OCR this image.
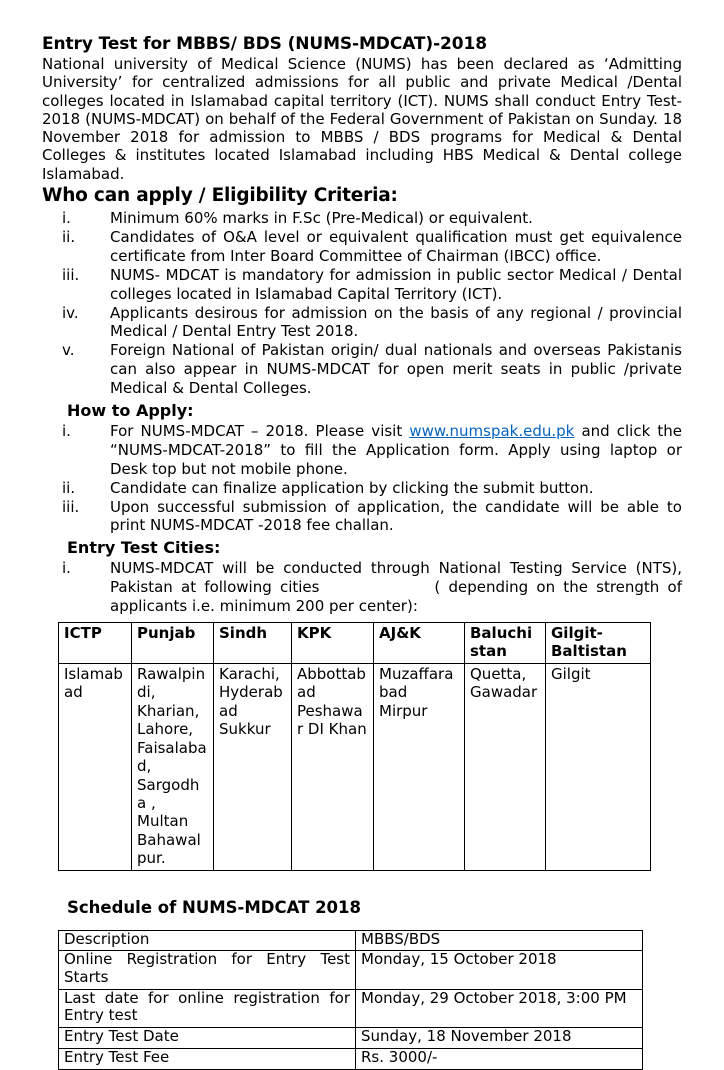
Entry Test for MBBS/ BDS (NUMS-MDCAT)-2018

National university of Medical Science (NUMS) has been declared as ‘Admitting University’ for centralized admissions for all public and private Medical /Dental colleges located in Islamabad capital territory (ICT). NUMS shall conduct Entry Test- 2018 (NUMS-MDCAT) on behalf of the Federal Government of Pakistan on Sunday. 18 November 2018 for admission to MBBS / BDS programs for Medical & Dental Colleges & institutes located Islamabad including HBS Medical & Dental college Islamabad.

Who can apply / Eligibility Criteria:
i.	Minimum 60% marks in F.Sc (Pre-Medical) or equivalent.
ii.	Candidates of O&A level or equivalent qualification must get equivalence certificate from Inter Board Committee of Chairman (IBCC) office.
iii.	NUMS- MDCAT is mandatory for admission in public sector Medical / Dental colleges located in Islamabad Capital Territory (ICT).
iv.	Applicants desirous for admission on the basis of any regional / provincial Medical / Dental Entry Test 2018.
v.	Foreign National of Pakistan origin/ dual nationals and overseas Pakistanis can also appear in NUMS-MDCAT for open merit seats in public /private Medical & Dental Colleges.
How to Apply:
i.	For NUMS-MDCAT – 2018. Please visit www.numspak.edu.pk and click the “NUMS-MDCAT-2018” to fill the Application form. Apply using laptop or Desk top but not mobile phone.
ii.	Candidate can finalize application by clicking the submit button.
iii.	Upon successful submission of application, the candidate will be able to print NUMS-MDCAT -2018 fee challan.
Entry Test Cities:
i.	NUMS-MDCAT will be conducted through National Testing Service (NTS), Pakistan at following cities              ( depending on the strength of applicants i.e. minimum 200 per center):
ICTP	Punjab	Sindh	KPK	AJ&K	Baluchistan	Gilgit-Baltistan
Islamabad	Rawalpindi, Kharian, Lahore, Faisalabad, Sargodha , Multan Bahawalpur.	Karachi, Hyderabad Sukkur	Abbottabad Peshawar DI Khan	Muzaffarabad Mirpur	Quetta, Gawadar	Gilgit
Schedule of NUMS-MDCAT 2018
Description	MBBS/BDS
Online Registration for Entry Test Starts	Monday, 15 October 2018
Last date for online registration for Entry test	Monday, 29 October 2018, 3:00 PM
Entry Test Date	Sunday, 18 November 2018
Entry Test Fee	Rs. 3000/-
